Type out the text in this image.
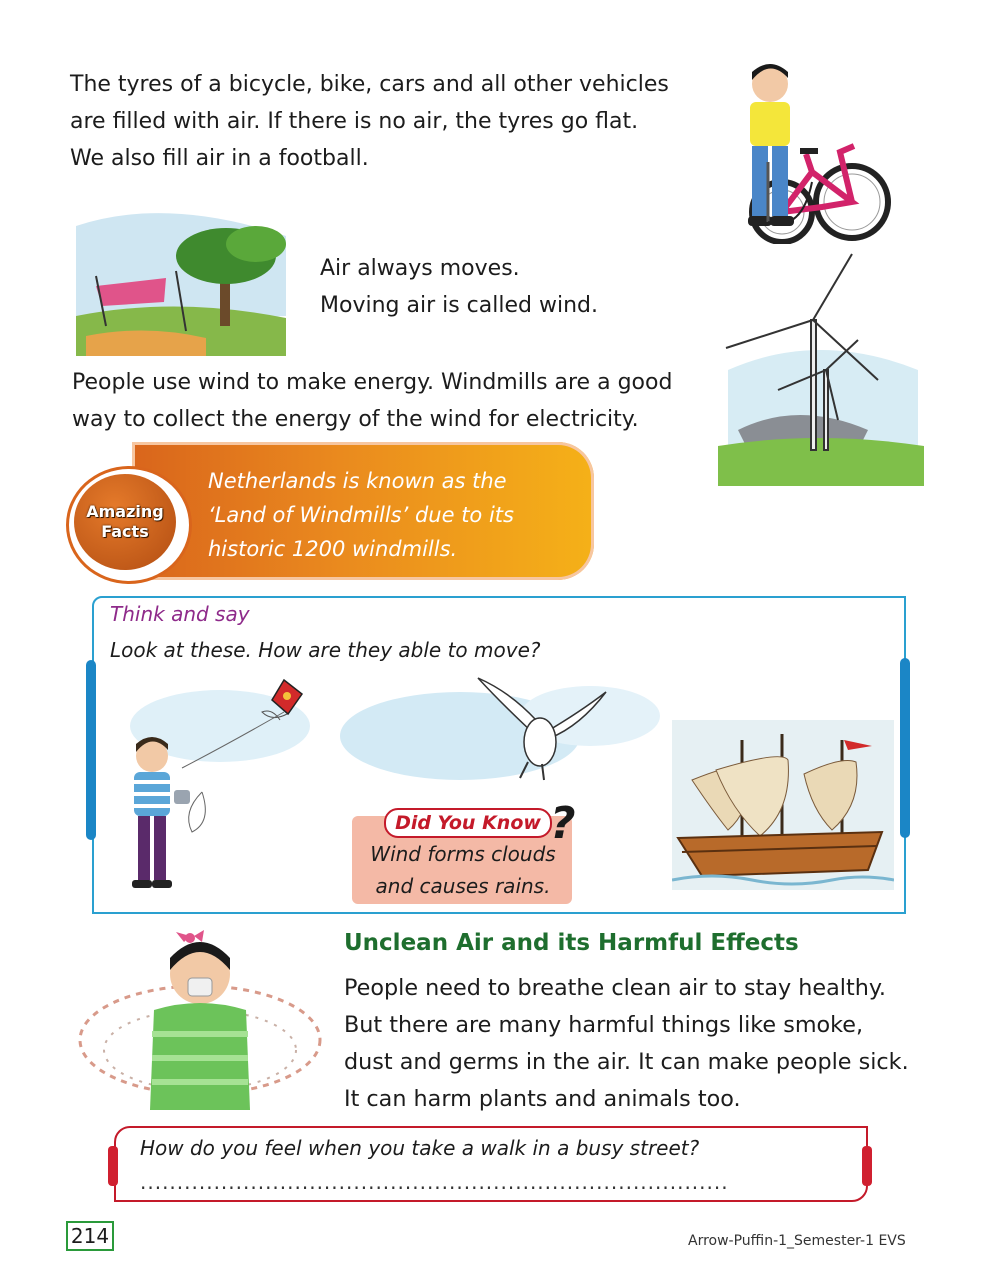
The tyres of a bicycle, bike, cars and all other vehicles
are filled with air. If there is no air, the tyres go flat.
We also fill air in a football.
Air always moves.
Moving air is called wind.
People use wind to make energy. Windmills are a good
way to collect the energy of the wind for electricity.
Amazing
Facts
Netherlands is known as the
‘Land of Windmills’ due to its
historic 1200 windmills.
Think and say
Look at these. How are they able to move?
Did You Know ?
Wind forms clouds
and causes rains.
Unclean Air and its Harmful Effects
People need to breathe clean air to stay healthy.
But there are many harmful things like smoke,
dust and germs in the air. It can make people sick.
It can harm plants and animals too.
How do you feel when you take a walk in a busy street?
................................................................................
214	Arrow-Puffin-1_Semester-1 EVS
